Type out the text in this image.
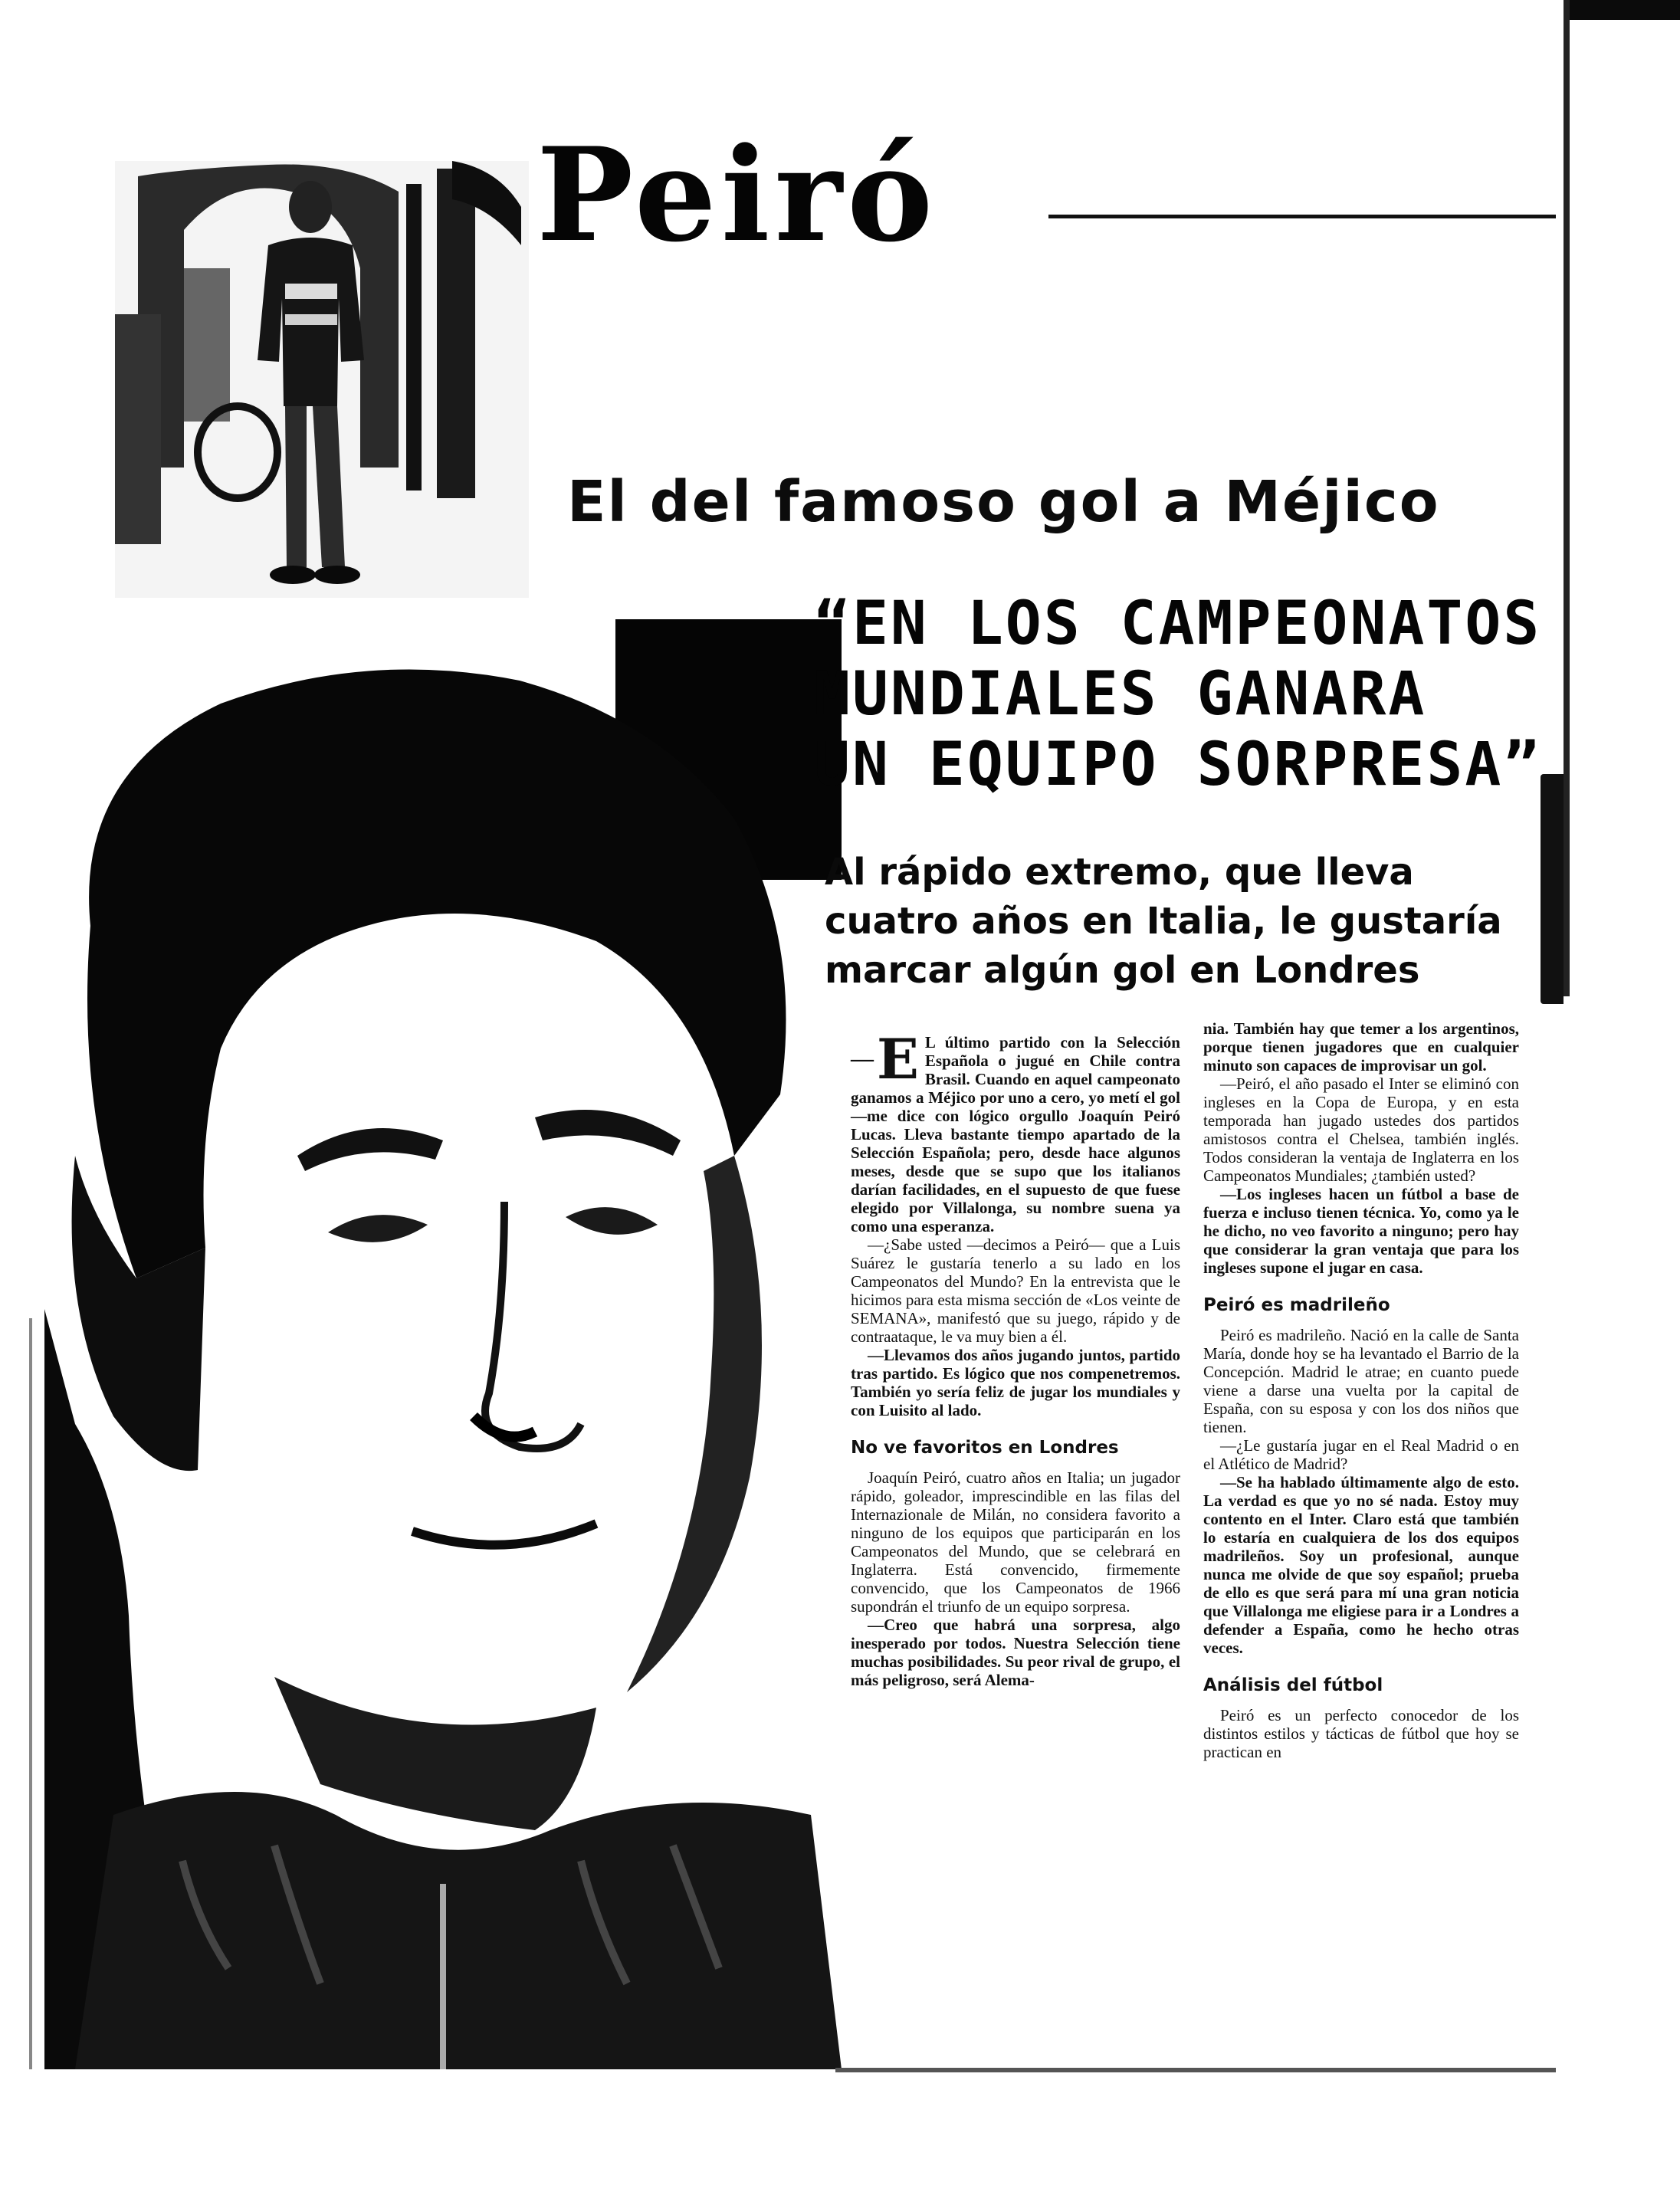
Peiró
El del famoso gol a Méjico
“EN LOS CAMPEONATOS
MUNDIALES GANARA
UN EQUIPO SORPRESA”
Al rápido extremo, que lleva
cuatro años en Italia, le gustaría
marcar algún gol en Londres

— E L último partido con la Selección Española o jugué en Chile contra Brasil. Cuando en aquel campeonato ganamos a Méjico por uno a cero, yo metí el gol —me dice con lógico orgullo Joaquín Peiró Lucas. Lleva bastante tiempo apartado de la Selección Española; pero, desde hace algunos meses, desde que se supo que los italianos darían facilidades, en el supuesto de que fuese elegido por Villalonga, su nombre suena ya como una esperanza.

—¿Sabe usted —decimos a Peiró— que a Luis Suárez le gustaría tenerlo a su lado en los Campeonatos del Mundo? En la entrevista que le hicimos para esta misma sección de «Los veinte de SEMANA», manifestó que su juego, rápido y de contraataque, le va muy bien a él.

—Llevamos dos años jugando juntos, partido tras partido. Es lógico que nos compenetremos. También yo sería feliz de jugar los mundiales y con Luisito al lado.

No ve favoritos en Londres

Joaquín Peiró, cuatro años en Italia; un jugador rápido, goleador, imprescindible en las filas del Internazionale de Milán, no considera favorito a ninguno de los equipos que participarán en los Campeonatos del Mundo, que se celebrará en Inglaterra. Está convencido, firmemente convencido, que los Campeonatos de 1966 supondrán el triunfo de un equipo sorpresa.

—Creo que habrá una sorpresa, algo inesperado por todos. Nuestra Selección tiene muchas posibilidades. Su peor rival de grupo, el más peligroso, será Alema-

nia. También hay que temer a los argentinos, porque tienen jugadores que en cualquier minuto son capaces de improvisar un gol.

—Peiró, el año pasado el Inter se eliminó con ingleses en la Copa de Europa, y en esta temporada han jugado ustedes dos partidos amistosos contra el Chelsea, también inglés. Todos consideran la ventaja de Inglaterra en los Campeonatos Mundiales; ¿también usted?

—Los ingleses hacen un fútbol a base de fuerza e incluso tienen técnica. Yo, como ya le he dicho, no veo favorito a ninguno; pero hay que considerar la gran ventaja que para los ingleses supone el jugar en casa.

Peiró es madrileño

Peiró es madrileño. Nació en la calle de Santa María, donde hoy se ha levantado el Barrio de la Concepción. Madrid le atrae; en cuanto puede viene a darse una vuelta por la capital de España, con su esposa y con los dos niños que tienen.

—¿Le gustaría jugar en el Real Madrid o en el Atlético de Madrid?

—Se ha hablado últimamente algo de esto. La verdad es que yo no sé nada. Estoy muy contento en el Inter. Claro está que también lo estaría en cualquiera de los dos equipos madrileños. Soy un profesional, aunque nunca me olvide de que soy español; prueba de ello es que será para mí una gran noticia que Villalonga me eligiese para ir a Londres a defender a España, como he hecho otras veces.

Análisis del fútbol

Peiró es un perfecto conocedor de los distintos estilos y tácticas de fútbol que hoy se practican en
